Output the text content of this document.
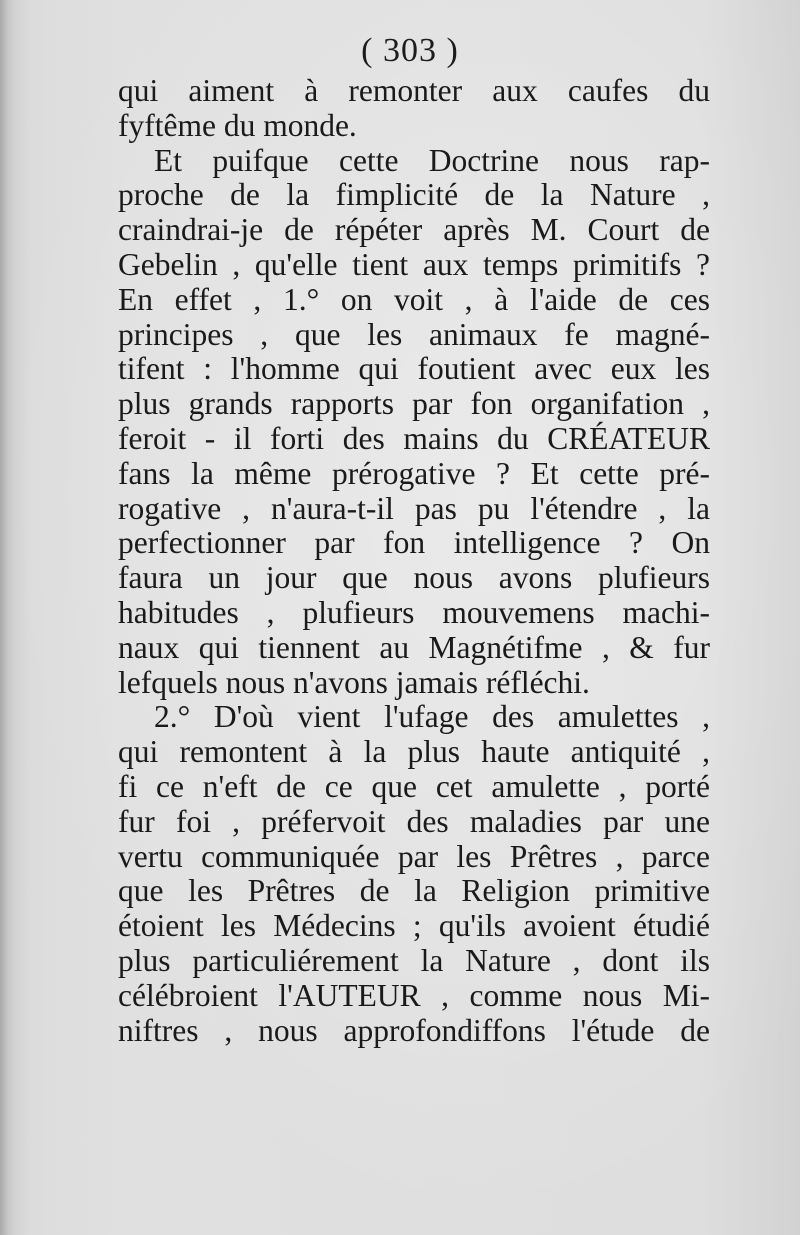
( 303 )
qui aiment à remonter aux caufes du
fyftême du monde.
Et puifque cette Doctrine nous rap-
proche de la fimplicité de la Nature ,
craindrai-je de répéter après M. Court de
Gebelin , qu'elle tient aux temps primitifs ?
En effet , 1.° on voit , à l'aide de ces
principes , que les animaux fe magné-
tifent : l'homme qui foutient avec eux les
plus grands rapports par fon organifation ,
feroit - il forti des mains du CRÉATEUR
fans la même prérogative ? Et cette pré-
rogative , n'aura-t-il pas pu l'étendre , la
perfectionner par fon intelligence ? On
faura un jour que nous avons plufieurs
habitudes , plufieurs mouvemens machi-
naux qui tiennent au Magnétifme , & fur
lefquels nous n'avons jamais réfléchi.
2.° D'où vient l'ufage des amulettes ,
qui remontent à la plus haute antiquité ,
fi ce n'eft de ce que cet amulette , porté
fur foi , préfervoit des maladies par une
vertu communiquée par les Prêtres , parce
que les Prêtres de la Religion primitive
étoient les Médecins ; qu'ils avoient étudié
plus particuliérement la Nature , dont ils
célébroient l'AUTEUR , comme nous Mi-
niftres , nous approfondiffons l'étude de
